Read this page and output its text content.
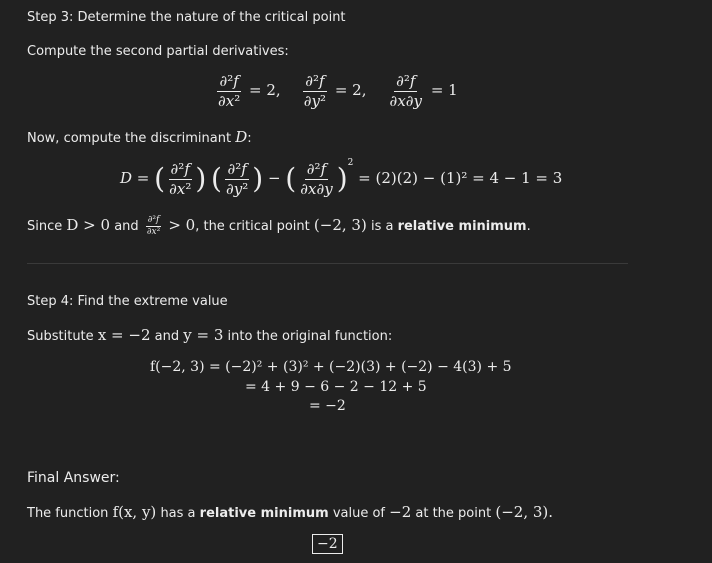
Step 3: Determine the nature of the critical point
Compute the second partial derivatives:
$\frac{\text{∂²f}}{\text{∂x²}} = 2$, $\frac{\text{∂²f}}{\text{∂y²}} = 2$, $\frac{\text{∂²f}}{\partial x\partial y} = 1$
Now, compute the discriminant D:
D = ( $\frac{\text{∂²f}}{\text{∂x²}}$ ) ( $\frac{\text{∂²f}}{\text{∂y²}}$ ) − ( $\frac{\text{∂²f}}{\partial x\partial y} )^2 = (2)(2) - (1)^2 = 4 - 1 = 3$
Since D > 0 and $\frac{\text{∂²f}}{\text{∂x²}} > 0$, the critical point (−2, 3) is a relative minimum.
Step 4: Find the extreme value
Substitute x = −2 and y = 3 into the original function:
f(−2, 3) = (−2)² + (3)² + (−2)(3) + (−2) − 4(3) + 5
= 4 + 9 − 6 − 2 − 12 + 5
= −2
Final Answer:
The function f(x, y) has a relative minimum value of −2 at the point (−2, 3).
−2
